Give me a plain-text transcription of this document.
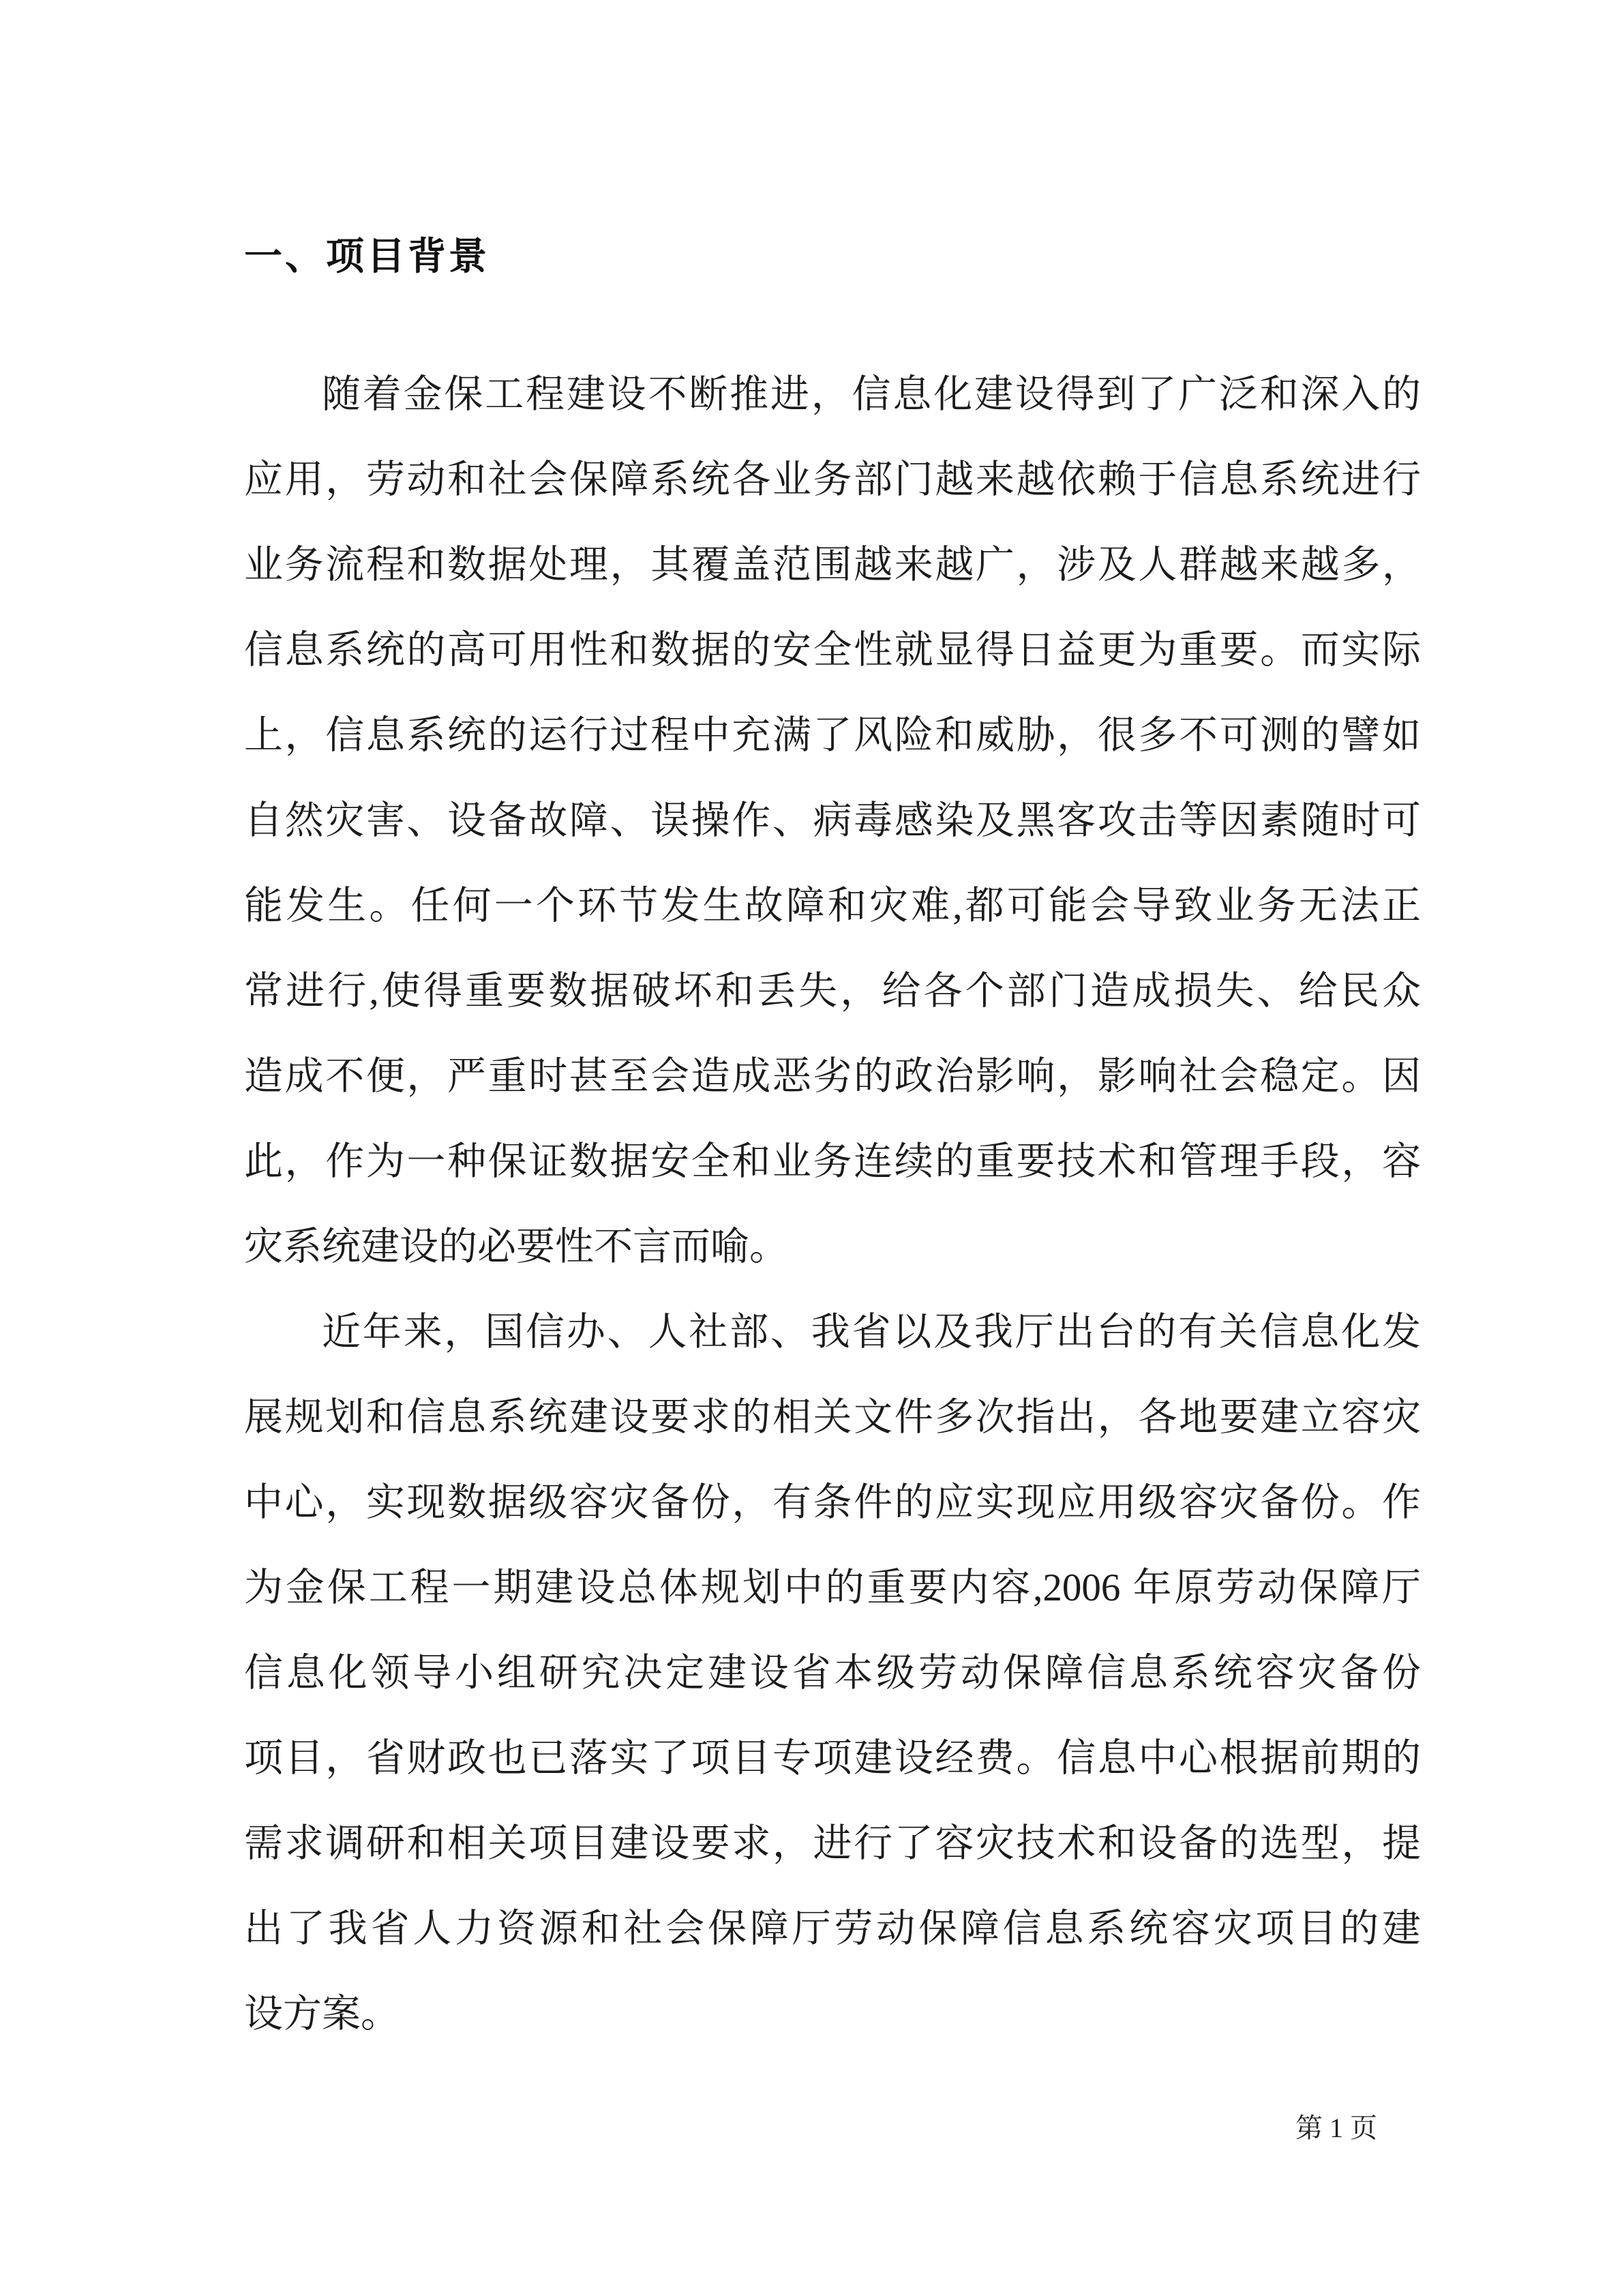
一、项目背景
随着金保工程建设不断推进，信息化建设得到了广泛和深入的
应用，劳动和社会保障系统各业务部门越来越依赖于信息系统进行
业务流程和数据处理，其覆盖范围越来越广，涉及人群越来越多，
信息系统的高可用性和数据的安全性就显得日益更为重要。而实际
上，信息系统的运行过程中充满了风险和威胁，很多不可测的譬如
自然灾害、设备故障、误操作、病毒感染及黑客攻击等因素随时可
能发生。任何一个环节发生故障和灾难,都可能会导致业务无法正
常进行,使得重要数据破坏和丢失，给各个部门造成损失、给民众
造成不便，严重时甚至会造成恶劣的政治影响，影响社会稳定。因
此，作为一种保证数据安全和业务连续的重要技术和管理手段，容
灾系统建设的必要性不言而喻。
近年来，国信办、人社部、我省以及我厅出台的有关信息化发
展规划和信息系统建设要求的相关文件多次指出，各地要建立容灾
中心，实现数据级容灾备份，有条件的应实现应用级容灾备份。作
为金保工程一期建设总体规划中的重要内容,2006 年原劳动保障厅
信息化领导小组研究决定建设省本级劳动保障信息系统容灾备份
项目，省财政也已落实了项目专项建设经费。信息中心根据前期的
需求调研和相关项目建设要求，进行了容灾技术和设备的选型，提
出了我省人力资源和社会保障厅劳动保障信息系统容灾项目的建
设方案。
第 1 页
